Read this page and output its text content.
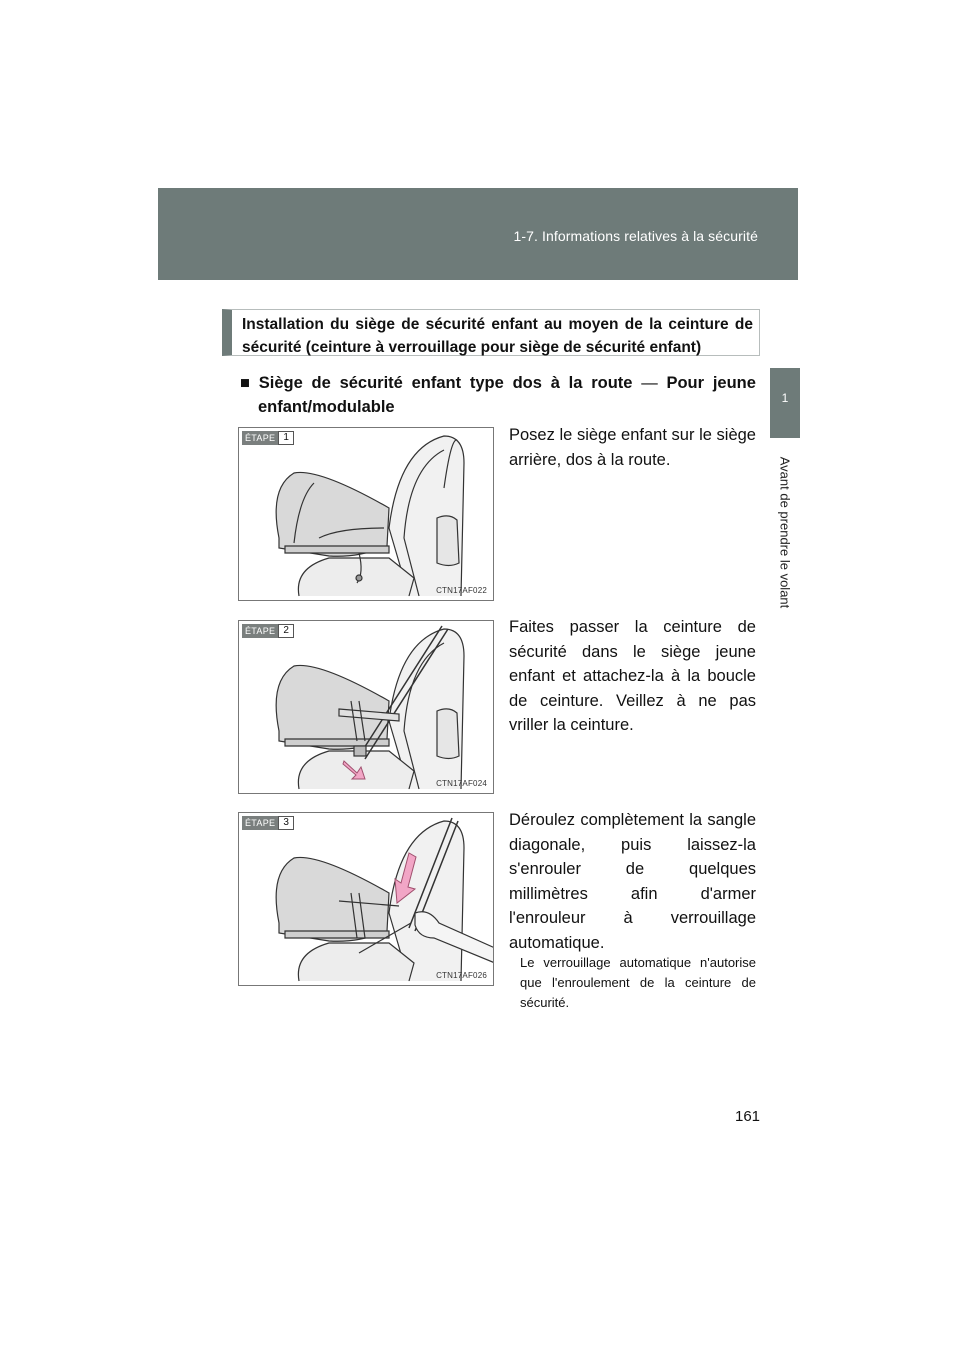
1-7. Informations relatives à la sécurité
1
Avant de prendre le volant
Installation du siège de sécurité enfant au moyen de la ceinture de sécurité (ceinture à verrouillage pour siège de sécurité enfant)
■ Siège de sécurité enfant type dos à la route — Pour jeune
enfant/modulable
ÉTAPE 1
CTN17AF022
Posez le siège enfant sur le siège arrière, dos à la route.
ÉTAPE 2
CTN17AF024
Faites passer la ceinture de sécurité dans le siège jeune enfant et attachez-la à la boucle de ceinture. Veillez à ne pas vriller la ceinture.
ÉTAPE 3
CTN17AF026
Déroulez complètement la sangle diagonale, puis laissez-la s'enrouler de quelques millimètres afin d'armer l'enrouleur à verrouillage automatique.
Le verrouillage automatique n'autorise que l'enroulement de la ceinture de sécurité.
161
